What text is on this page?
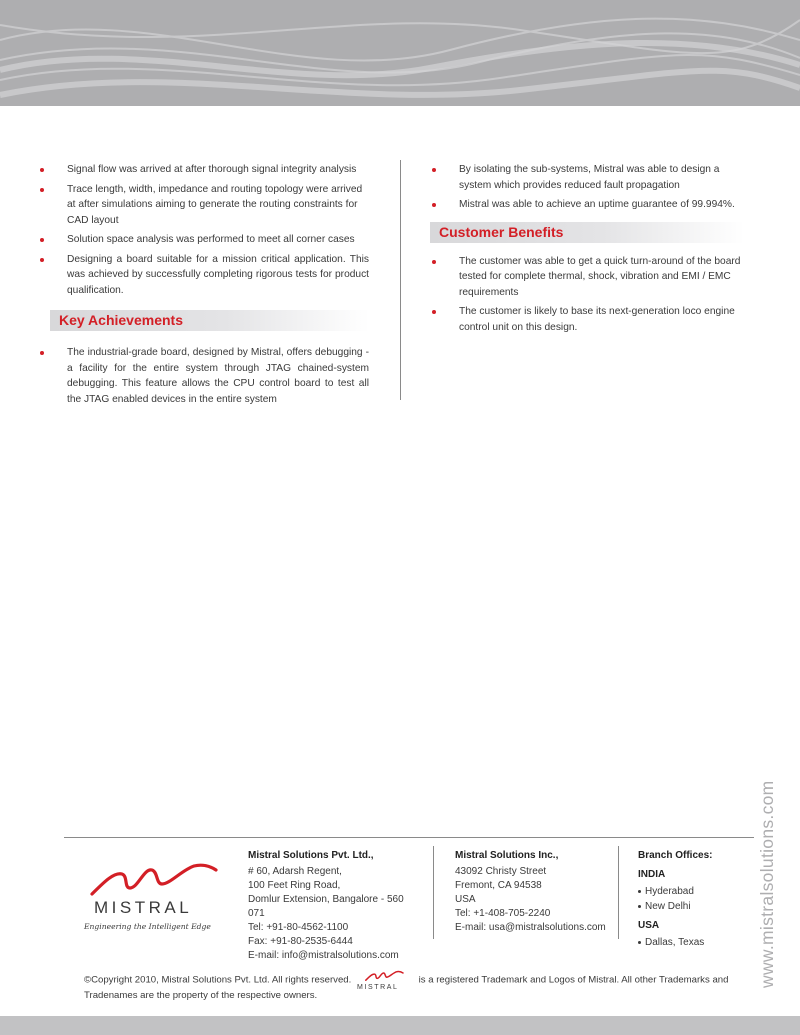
Signal flow was arrived at after thorough signal integrity analysis
Trace length, width, impedance and routing topology were arrived at after simulations aiming to generate the routing constraints for CAD layout
Solution space analysis was performed to meet all corner cases
Designing a board suitable for a mission critical application. This was achieved by successfully completing rigorous tests for product qualification.
Key Achievements
The industrial-grade board, designed by Mistral, offers debugging - a facility for the entire system through JTAG chained-system debugging. This feature allows the CPU control board to test all the JTAG enabled devices in the entire system
By isolating the sub-systems, Mistral was able to design a system which provides reduced fault propagation
Mistral was able to achieve an uptime guarantee of 99.994%.
Customer Benefits
The customer was able to get a quick turn-around of the board tested for complete thermal, shock, vibration and EMI / EMC requirements
The customer is likely to base its next-generation loco engine control unit on this design.
MISTRAL
Engineering the Intelligent Edge
Mistral Solutions Pvt. Ltd.,
# 60, Adarsh Regent,
100 Feet Ring Road,
Domlur Extension, Bangalore - 560 071
Tel: +91-80-4562-1100
Fax: +91-80-2535-6444
E-mail: info@mistralsolutions.com
Mistral Solutions Inc.,
43092 Christy Street
Fremont, CA 94538
USA
Tel: +1-408-705-2240
E-mail: usa@mistralsolutions.com
Branch Offices:
INDIA
Hyderabad
New Delhi
USA
Dallas, Texas
©Copyright 2010, Mistral Solutions Pvt. Ltd. All rights reserved.
MISTRAL
is a registered Trademark and Logos of Mistral. All other Trademarks and Tradenames are the property of the respective owners.
www.mistralsolutions.com
